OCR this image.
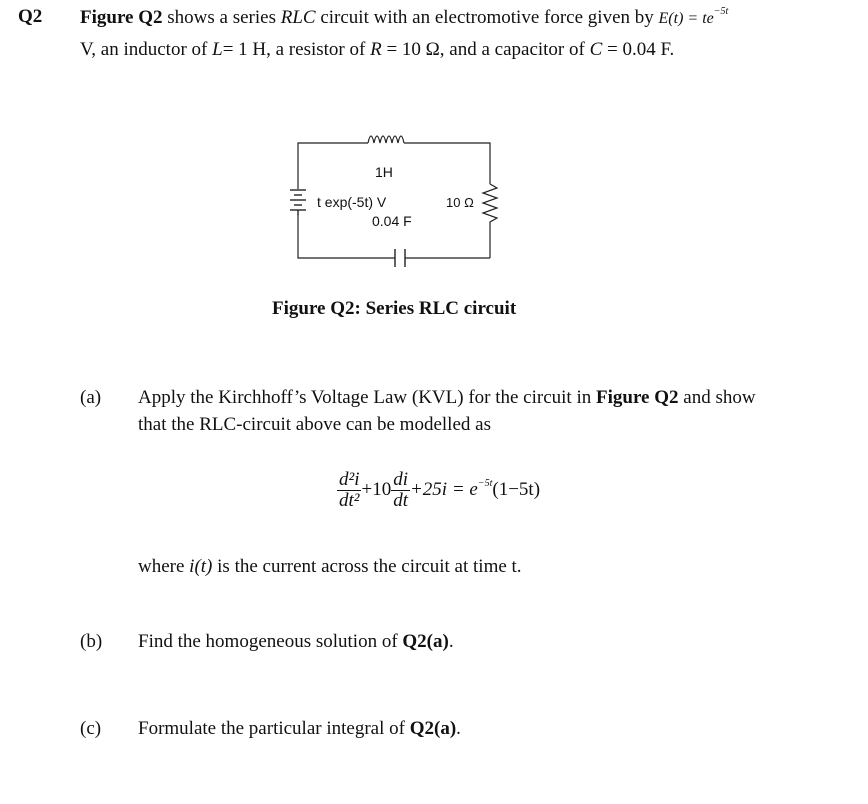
Q2 Figure Q2 shows a series RLC circuit with an electromotive force given by $E(t) = te^{-5t}$
V, an inductor of L= 1 H, a resistor of R = 10 Ω, and a capacitor of C = 0.04 F.
1H
t exp(-5t) V	10 Ω
0.04 F
Figure Q2: Series RLC circuit
(a) Apply the Kirchhoff’s Voltage Law (KVL) for the circuit in Figure Q2 and show
that the RLC-circuit above can be modelled as
$\frac{\text{d²i}}{\text{dt²}} +10 \frac{di}{dt} +25i = e^{-5t}(1-5t)$
where i(t) is the current across the circuit at time t.
(b) Find the homogeneous solution of Q2(a).
(c) Formulate the particular integral of Q2(a).
